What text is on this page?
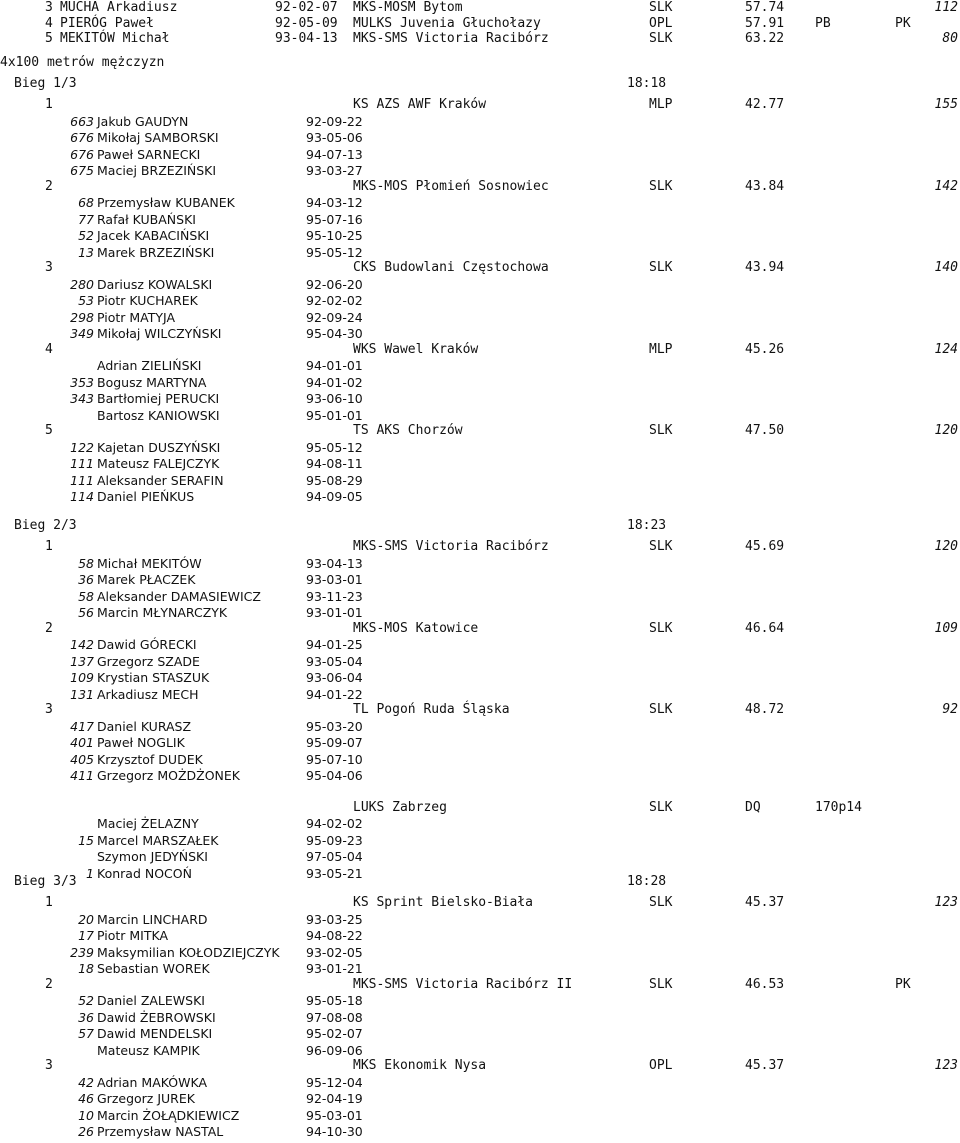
3 MUCHA Arkadiusz	92-02-07 MKS-MOSM Bytom	SLK	57.74	112
4 PIERÓG Paweł	92-05-09 MULKS Juvenia Głuchołazy	OPL	57.91 PB	PK
5 MEKITÓW Michał	93-04-13 MKS-SMS Victoria Racibórz	SLK	63.22	80
4x100 metrów mężczyzn
Bieg 1/3	18:18
1	KS AZS AWF Kraków	MLP	42.77	155
663 Jakub GAUDYN	92-09-22
676 Mikołaj SAMBORSKI	93-05-06
676 Paweł SARNECKI	94-07-13
675 Maciej BRZEZIŃSKI	93-03-27
2	MKS-MOS Płomień Sosnowiec	SLK	43.84	142
68 Przemysław KUBANEK	94-03-12
77 Rafał KUBAŃSKI	95-07-16
52 Jacek KABACIŃSKI	95-10-25
13 Marek BRZEZIŃSKI	95-05-12
3	CKS Budowlani Częstochowa	SLK	43.94	140
280 Dariusz KOWALSKI	92-06-20
53 Piotr KUCHAREK	92-02-02
298 Piotr MATYJA	92-09-24
349 Mikołaj WILCZYŃSKI	95-04-30
4	WKS Wawel Kraków	MLP	45.26	124
Adrian ZIELIŃSKI	94-01-01
353 Bogusz MARTYNA	94-01-02
343 Bartłomiej PERUCKI	93-06-10
Bartosz KANIOWSKI	95-01-01
5	TS AKS Chorzów	SLK	47.50	120
122 Kajetan DUSZYŃSKI	95-05-12
111 Mateusz FALEJCZYK	94-08-11
111 Aleksander SERAFIN	95-08-29
114 Daniel PIEŃKUS	94-09-05
Bieg 2/3	18:23
1	MKS-SMS Victoria Racibórz	SLK	45.69	120
58 Michał MEKITÓW	93-04-13
36 Marek PŁACZEK	93-03-01
58 Aleksander DAMASIEWICZ	93-11-23
56 Marcin MŁYNARCZYK	93-01-01
2	MKS-MOS Katowice	SLK	46.64	109
142 Dawid GÓRECKI	94-01-25
137 Grzegorz SZADE	93-05-04
109 Krystian STASZUK	93-06-04
131 Arkadiusz MECH	94-01-22
3	TL Pogoń Ruda Śląska	SLK	48.72	92
417 Daniel KURASZ	95-03-20
401 Paweł NOGLIK	95-09-07
405 Krzysztof DUDEK	95-07-10
411 Grzegorz MOŻDŻONEK	95-04-06
LUKS Zabrzeg	SLK	DQ	170p14
Maciej ŻELAZNY	94-02-02
15 Marcel MARSZAŁEK	95-09-23
Szymon JEDYŃSKI	97-05-04
1 Konrad NOCOŃ	93-05-21
Bieg 3/3	18:28
1	KS Sprint Bielsko-Biała	SLK	45.37	123
20 Marcin LINCHARD	93-03-25
17 Piotr MITKA	94-08-22
239 Maksymilian KOŁODZIEJCZYK 93-02-05
18 Sebastian WOREK	93-01-21
2	MKS-SMS Victoria Racibórz II	SLK	46.53	PK
52 Daniel ZALEWSKI	95-05-18
36 Dawid ŻEBROWSKI	97-08-08
57 Dawid MENDELSKI	95-02-07
Mateusz KAMPIK	96-09-06
3	MKS Ekonomik Nysa	OPL	45.37	123
42 Adrian MAKÓWKA	95-12-04
46 Grzegorz JUREK	92-04-19
10 Marcin ŻOŁĄDKIEWICZ	95-03-01
26 Przemysław NASTAL	94-10-30
